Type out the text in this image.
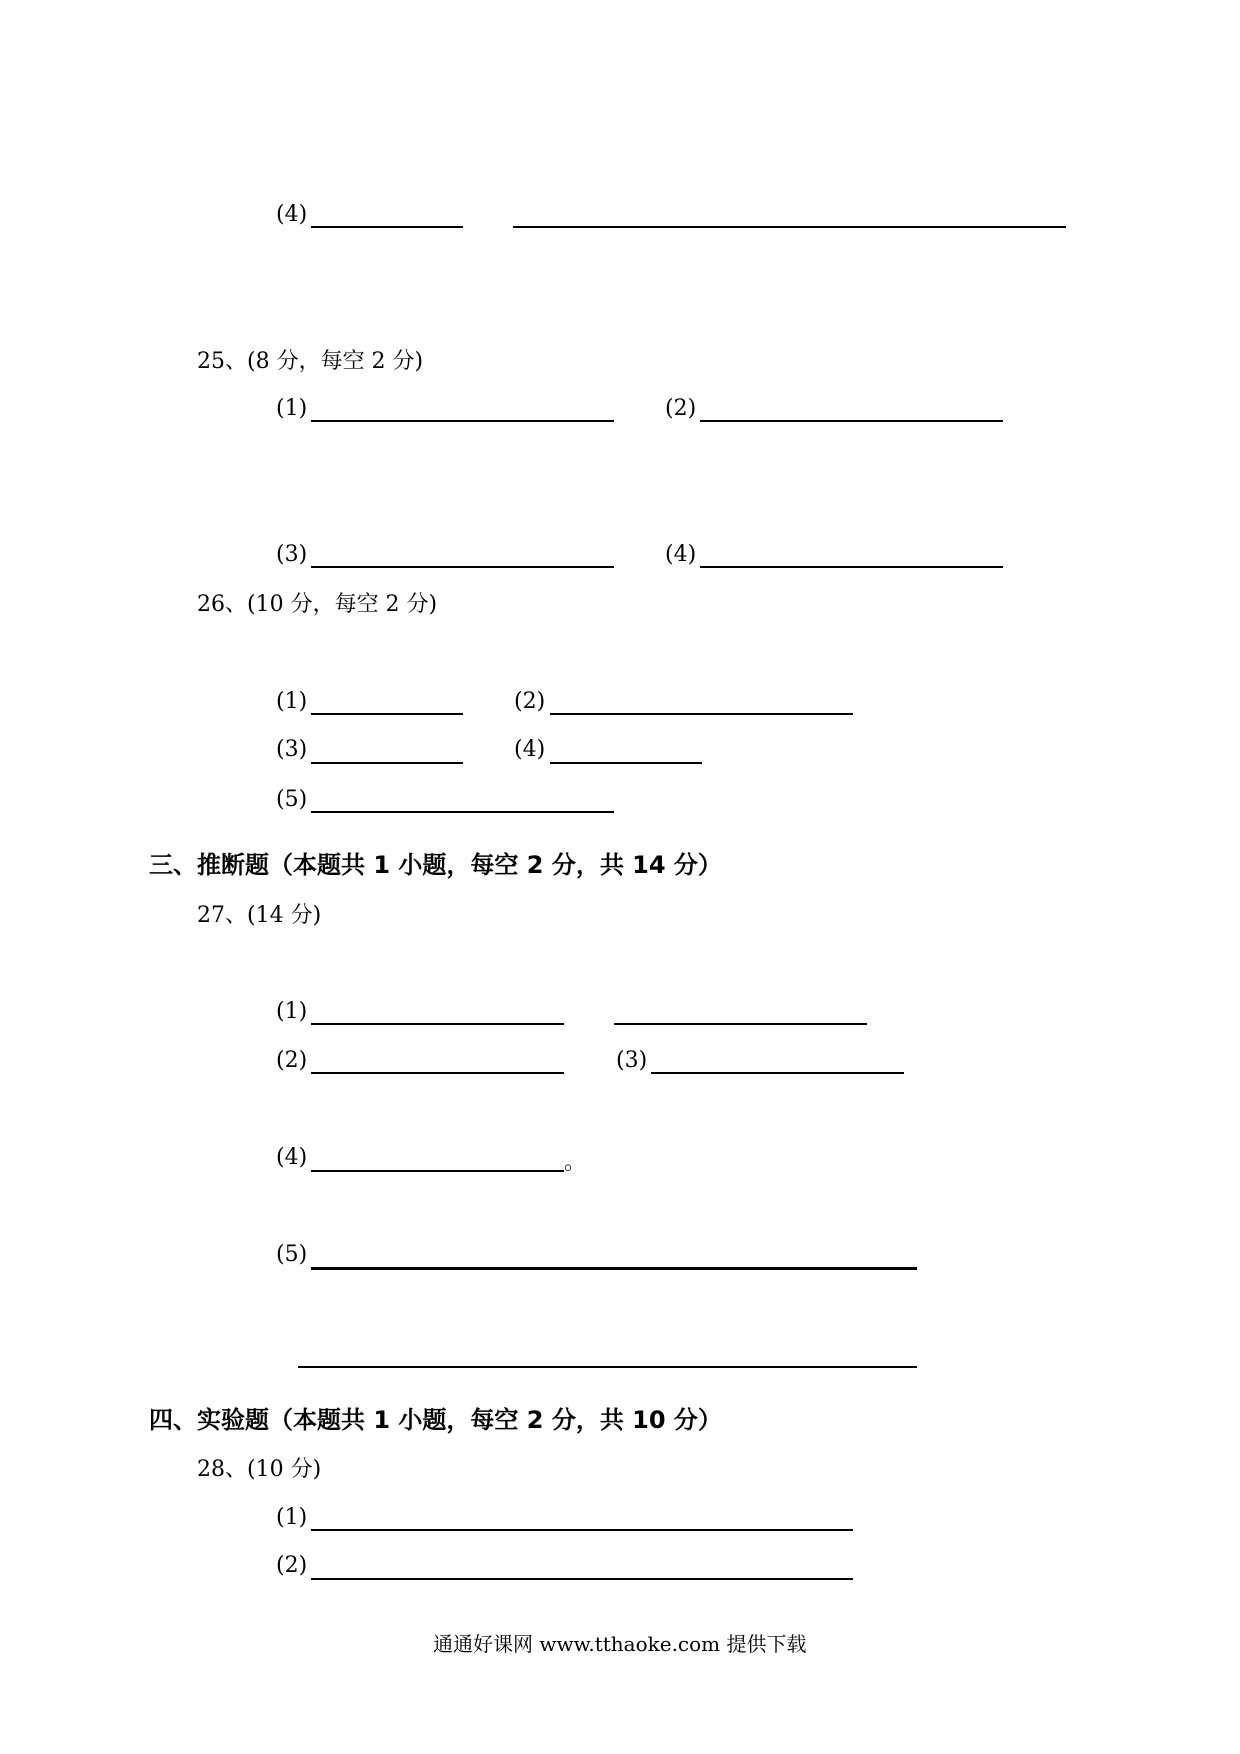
(4)
25、(8 分，每空 2 分)
(1)	(2)
(3)	(4)
26、(10 分，每空 2 分)
(1)	(2)
(3)	(4)
(5)
三、推断题（本题共 1 小题，每空 2 分，共 14 分）
27、(14 分)
(1)
(2)	(3)
(4)	。
(5)
四、实验题（本题共 1 小题，每空 2 分，共 10 分）
28、(10 分)
(1)
(2)
通通好课网 www.tthaoke.com 提供下载
